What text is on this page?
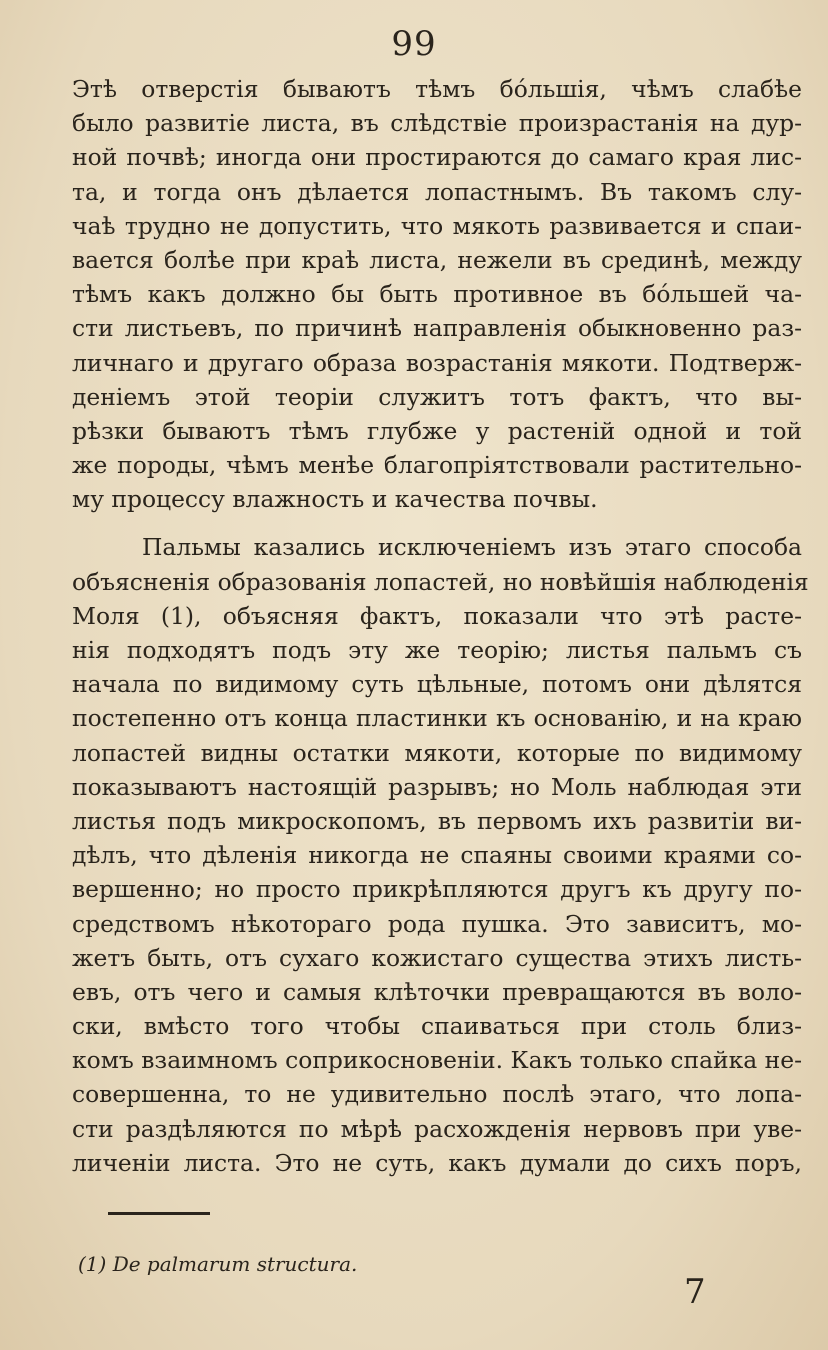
99
Этѣ отверстія бываютъ тѣмъ бо́льшія, чѣмъ слабѣе
было развитіе листа, въ слѣдствіе произрастанія на дур-
ной почвѣ; иногда они простираются до самаго края лис-
та, и тогда онъ дѣлается лопастнымъ. Въ такомъ слу-
чаѣ трудно не допустить, что мякоть развивается и спаи-
вается болѣе при краѣ листа, нежели въ срединѣ, между
тѣмъ какъ должно бы быть противное въ бо́льшей ча-
сти листьевъ, по причинѣ направленія обыкновенно раз-
личнаго и другаго образа возрастанія мякоти. Подтверж-
деніемъ этой теоріи служитъ тотъ фактъ, что вы-
рѣзки бываютъ тѣмъ глубже у растеній одной и той
же породы, чѣмъ менѣе благопріятствовали растительно-
му процессу влажность и качества почвы.
Пальмы казались исключеніемъ изъ этаго способа
объясненія образованія лопастей, но новѣйшія наблюденія
Моля (1), объясняя фактъ, показали что этѣ расте-
нія подходятъ подъ эту же теорію; листья пальмъ съ
начала по видимому суть цѣльные, потомъ они дѣлятся
постепенно отъ конца пластинки къ основанію, и на краю
лопастей видны остатки мякоти, которые по видимому
показываютъ настоящій разрывъ; но Моль наблюдая эти
листья подъ микроскопомъ, въ первомъ ихъ развитіи ви-
дѣлъ, что дѣленія никогда не спаяны своими краями со-
вершенно; но просто прикрѣпляются другъ къ другу по-
средствомъ нѣкотораго рода пушка. Это зависитъ, мо-
жетъ быть, отъ сухаго кожистаго существа этихъ листь-
евъ, отъ чего и самыя клѣточки превращаются въ воло-
ски, вмѣсто того чтобы спаиваться при столь близ-
комъ взаимномъ соприкосновеніи. Какъ только спайка не-
совершенна, то не удивительно послѣ этаго, что лопа-
сти раздѣляются по мѣрѣ расхожденія нервовъ при уве-
личеніи листа. Это не суть, какъ думали до сихъ поръ,
(1) De palmarum structura.
7
